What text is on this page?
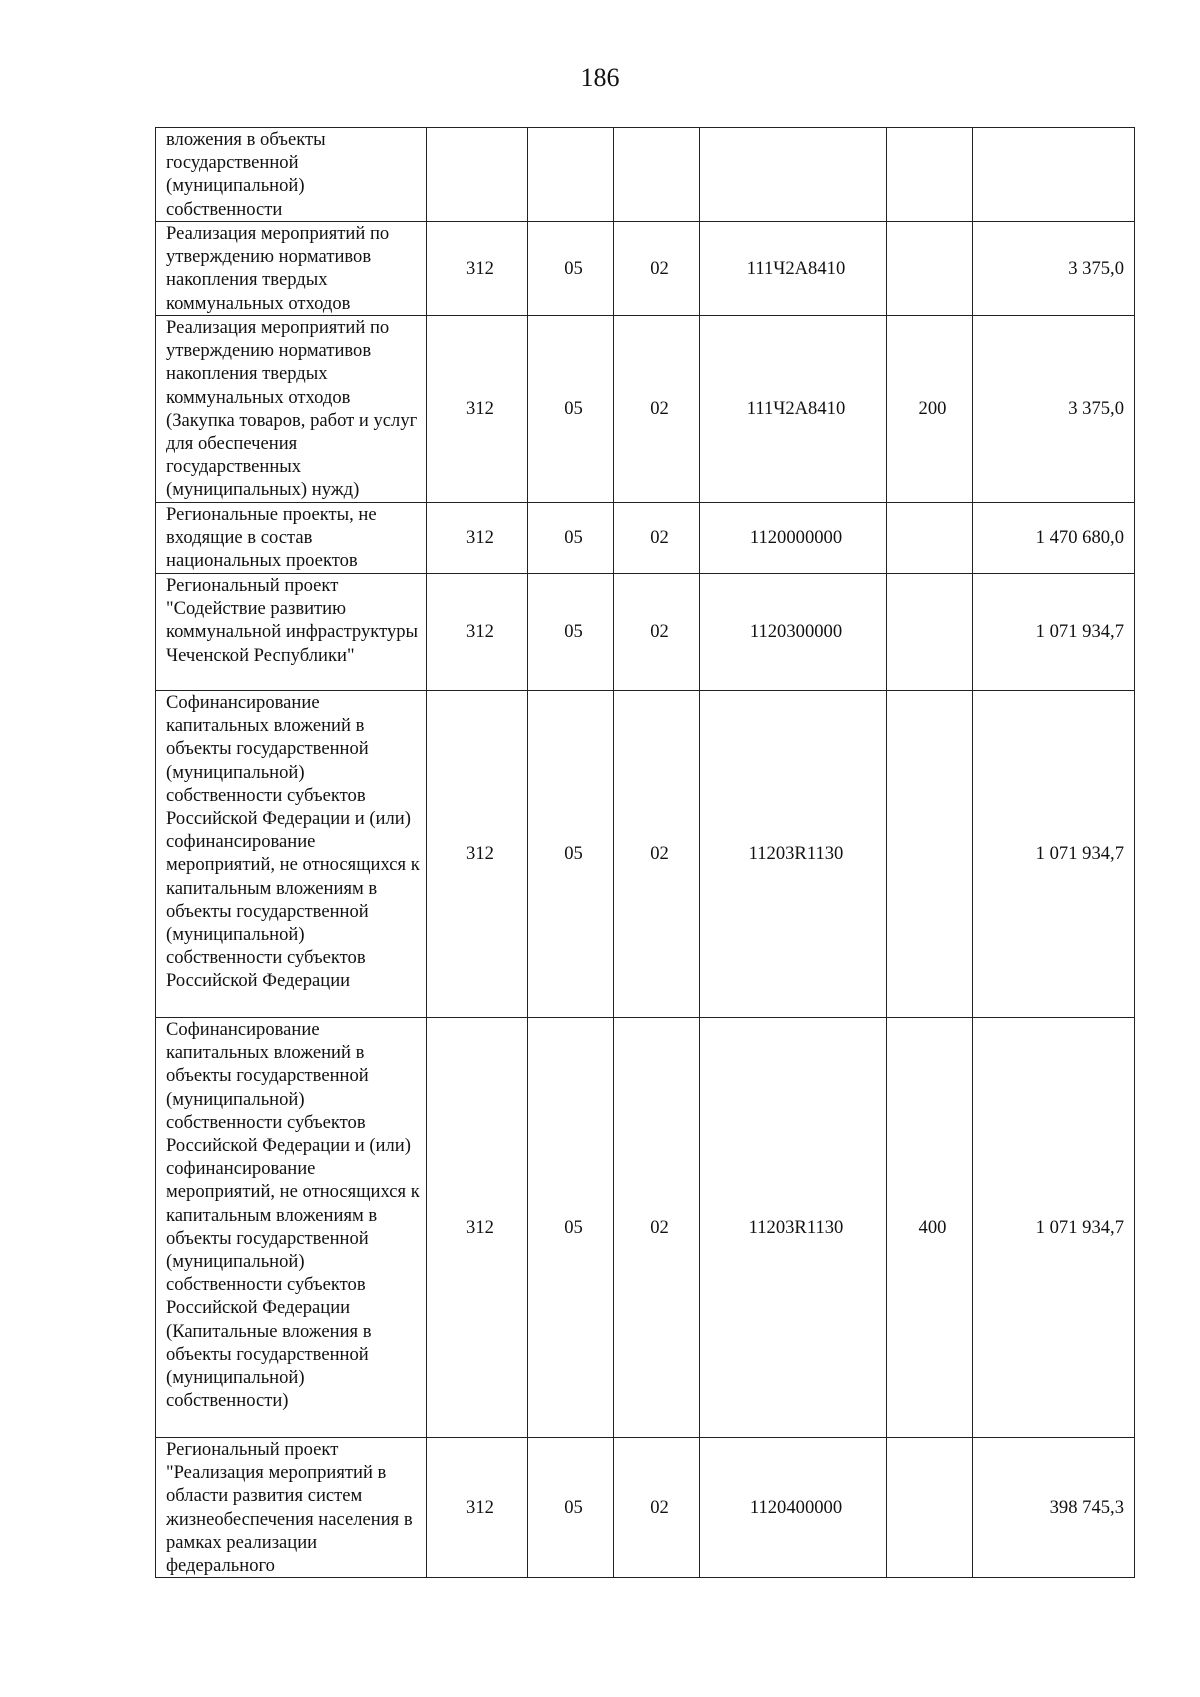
186
вложения в объекты государственной (муниципальной) собственности						
Реализация мероприятий по утверждению нормативов накопления твердых коммунальных отходов	312	05	02	111Ч2А8410		3 375,0
Реализация мероприятий по утверждению нормативов накопления твердых коммунальных отходов (Закупка товаров, работ и услуг для обеспечения государственных (муниципальных) нужд)	312	05	02	111Ч2А8410	200	3 375,0
Региональные проекты, не входящие в состав национальных проектов	312	05	02	1120000000		1 470 680,0
Региональный проект "Содействие развитию коммунальной инфраструктуры Чеченской Республики"	312	05	02	1120300000		1 071 934,7
Софинансирование капитальных вложений в объекты государственной (муниципальной) собственности субъектов Российской Федерации и (или) софинансирование мероприятий, не относящихся к капитальным вложениям в объекты государственной (муниципальной) собственности субъектов Российской Федерации	312	05	02	11203R1130		1 071 934,7
Софинансирование капитальных вложений в объекты государственной (муниципальной) собственности субъектов Российской Федерации и (или) софинансирование мероприятий, не относящихся к капитальным вложениям в объекты государственной (муниципальной) собственности субъектов Российской Федерации (Капитальные вложения в объекты государственной (муниципальной) собственности)	312	05	02	11203R1130	400	1 071 934,7
Региональный проект "Реализация мероприятий в области развития систем жизнеобеспечения населения в рамках реализации федерального	312	05	02	1120400000		398 745,3
